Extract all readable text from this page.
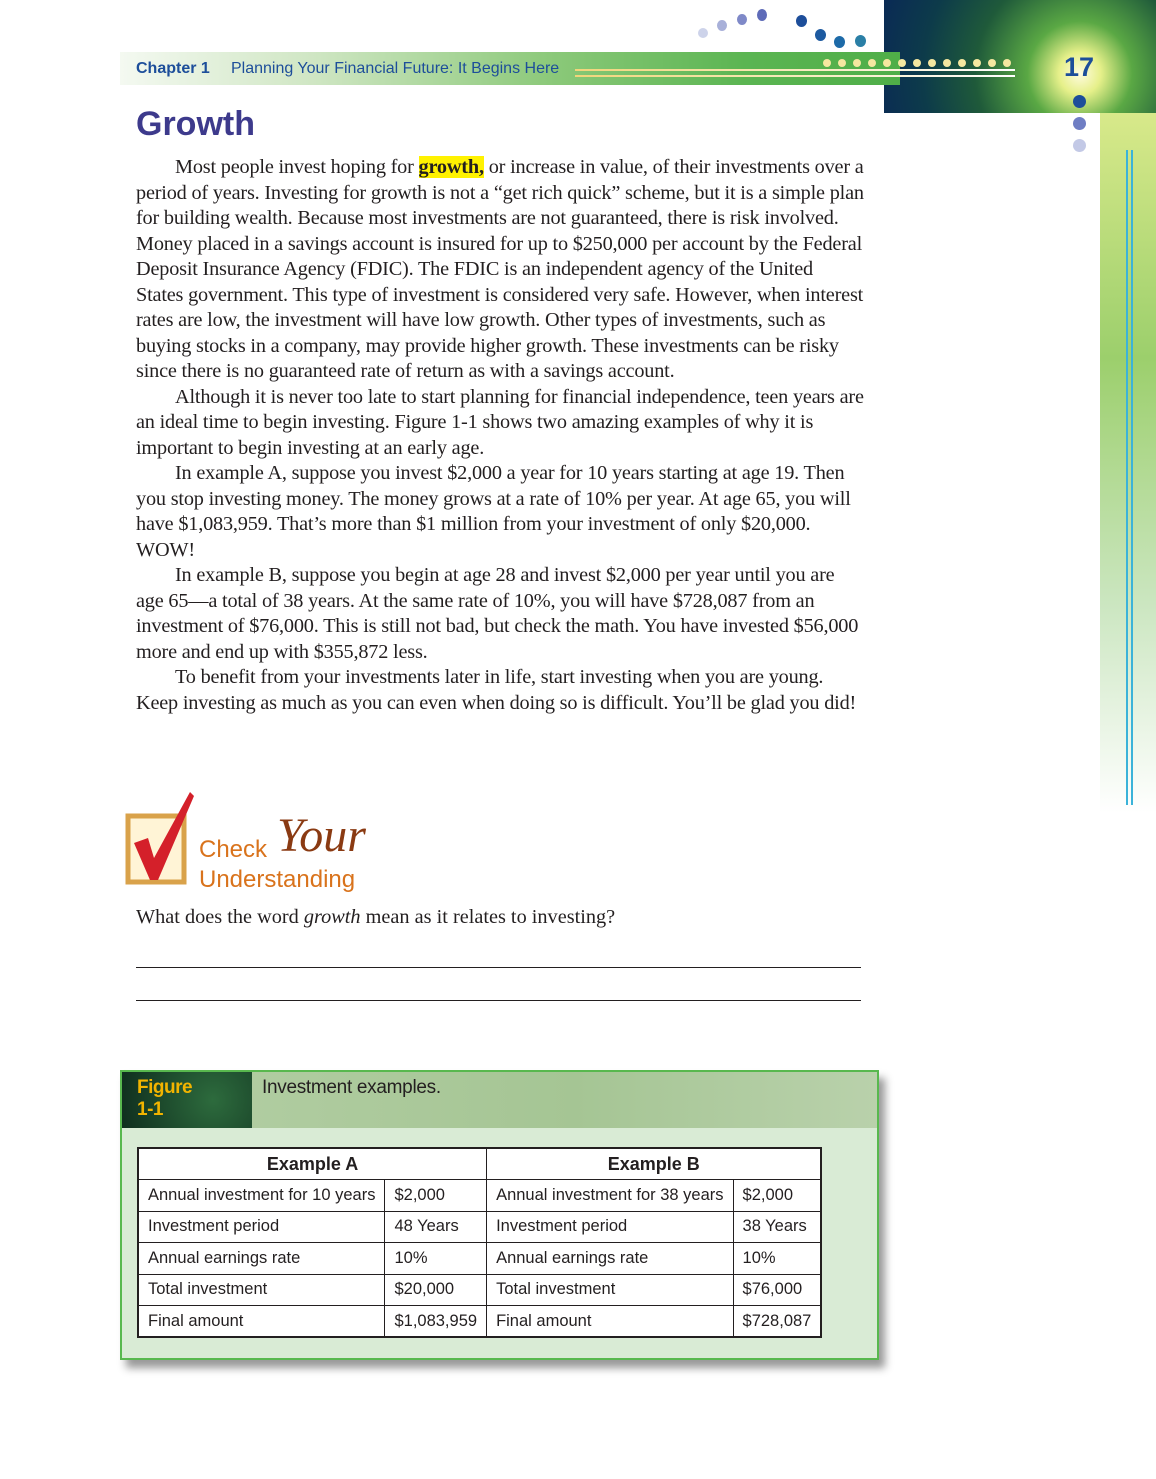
Chapter 1 Planning Your Financial Future: It Begins Here	17
Growth

Most people invest hoping for growth, or increase in value, of their investments over a period of years. Investing for growth is not a “get rich quick” scheme, but it is a simple plan for building wealth. Because most investments are not guaranteed, there is risk involved. Money placed in a savings account is insured for up to $250,000 per account by the Federal Deposit Insurance Agency (FDIC). The FDIC is an independent agency of the United States government. This type of investment is considered very safe. However, when interest rates are low, the investment will have low growth. Other types of investments, such as buying stocks in a company, may provide higher growth. These investments can be risky since there is no guaranteed rate of return as with a savings account.

Although it is never too late to start planning for financial independence, teen years are an ideal time to begin investing. Figure 1-1 shows two amazing examples of why it is important to begin investing at an early age.

In example A, suppose you invest $2,000 a year for 10 years starting at age 19. Then you stop investing money. The money grows at a rate of 10% per year. At age 65, you will have $1,083,959. That’s more than $1 million from your investment of only $20,000. WOW!

In example B, suppose you begin at age 28 and invest $2,000 per year until you are age 65—a total of 38 years. At the same rate of 10%, you will have $728,087 from an investment of $76,000. This is still not bad, but check the math. You have invested $56,000 more and end up with $355,872 less.

To benefit from your investments later in life, start investing when you are young. Keep investing as much as you can even when doing so is difficult. You’ll be glad you did!

Check Your
Understanding
What does the word growth mean as it relates to investing?
Figure
1-1
Investment examples.
Example A		Example B	
Annual investment for 10 years	$2,000	Annual investment for 38 years	$2,000
Investment period	48 Years	Investment period	38 Years
Annual earnings rate	10%	Annual earnings rate	10%
Total investment	$20,000	Total investment	$76,000
Final amount	$1,083,959	Final amount	$728,087
